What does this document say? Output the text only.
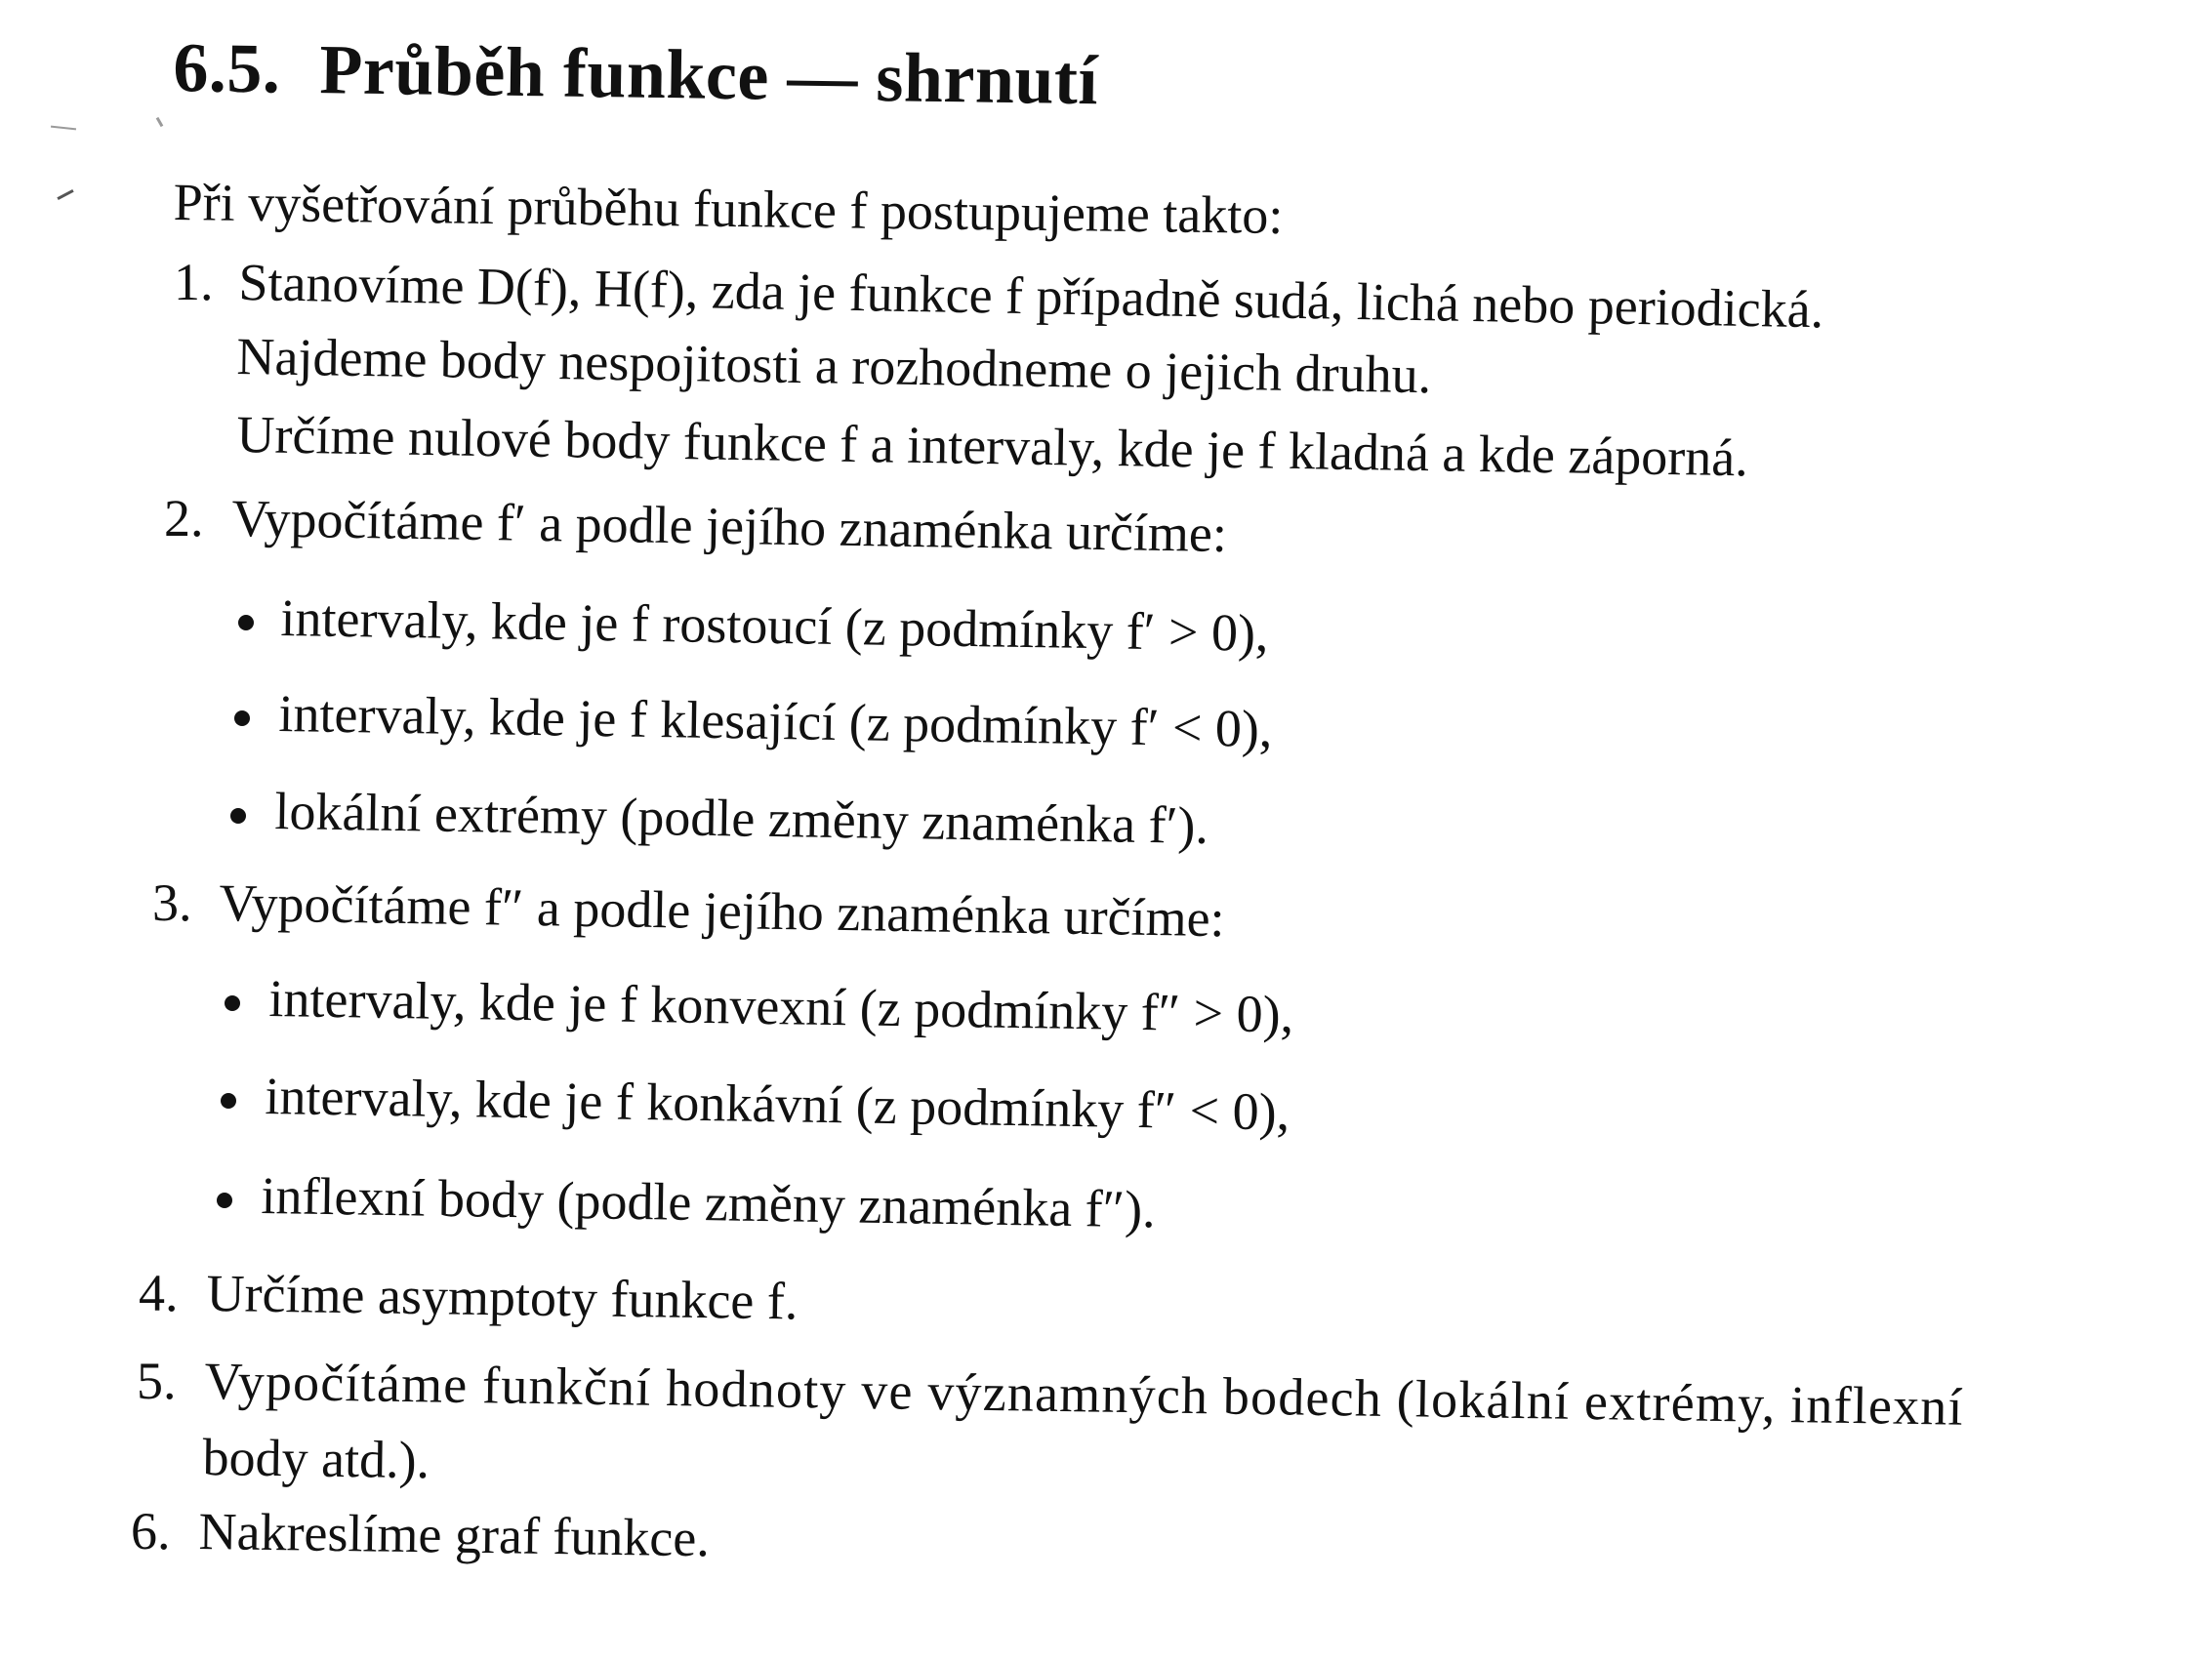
6.5. Průběh funkce — shrnutí
Při vyšetřování průběhu funkce f postupujeme takto:
1. Stanovíme D(f), H(f), zda je funkce f případně sudá, lichá nebo periodická.
Najdeme body nespojitosti a rozhodneme o jejich druhu.
Určíme nulové body funkce f a intervaly, kde je f kladná a kde záporná.
2. Vypočítáme f′ a podle jejího znaménka určíme:
intervaly, kde je f rostoucí (z podmínky f′ > 0),
intervaly, kde je f klesající (z podmínky f′ < 0),
lokální extrémy (podle změny znaménka f′).
3. Vypočítáme f″ a podle jejího znaménka určíme:
intervaly, kde je f konvexní (z podmínky f″ > 0),
intervaly, kde je f konkávní (z podmínky f″ < 0),
inflexní body (podle změny znaménka f″).
4. Určíme asymptoty funkce f.
5. Vypočítáme funkční hodnoty ve významných bodech (lokální extrémy, inflexní
body atd.).
6. Nakreslíme graf funkce.
